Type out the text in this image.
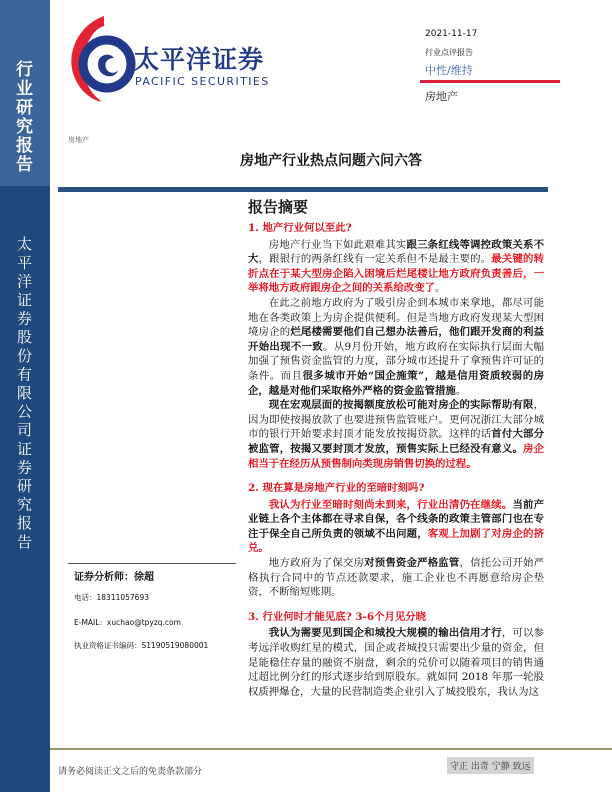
行业研究报告
太平洋证券股份有限公司证券研究报告
太平洋证券
PACIFIC SECURITIES
2021-11-17
行业点评报告
中性/维持
房地产
房地产
房地产行业热点问题六问六答
报告摘要
1. 地产行业何以至此?

房地产行业当下如此艰难其实跟三条红线等调控政策关系不大，跟银行的两条红线有一定关系但不是最主要的。最关键的转折点在于某大型房企陷入困境后烂尾楼让地方政府负责善后，一举将地方政府跟房企之间的关系给改变了。

在此之前地方政府为了吸引房企到本城市来拿地，都尽可能地在各类政策上为房企提供便利。但是当地方政府发现某大型困境房企的烂尾楼需要他们自己想办法善后，他们跟开发商的利益开始出现不一致。从9月份开始，地方政府在实际执行层面大幅加强了预售资金监管的力度，部分城市还提升了拿预售许可证的条件。而且很多城市开始“国企施策”，越是信用资质较弱的房企，越是对他们采取格外严格的资金监管措施。

现在宏观层面的按揭额度放松可能对房企的实际帮助有限，因为即使按揭放款了也要进预售监管账户。更何况浙江大部分城市的银行开始要求封顶才能发放按揭贷款。这样的话首付大部分被监管，按揭又要封顶才发放，预售实际上已经没有意义。房企相当于在经历从预售制向类现房销售切换的过程。

2. 现在算是房地产行业的至暗时刻吗?

我认为行业至暗时刻尚未到来，行业出清仍在继续。当前产业链上各个主体都在寻求自保，各个线条的政策主管部门也在专注于保全自己所负责的领域不出问题，客观上加剧了对房企的挤兑。

地方政府为了保交房对预售资金严格监管，信托公司开始严格执行合同中的节点还款要求，施工企业也不再愿意给房企垫资，不断缩短账期。

3. 行业何时才能见底? 3-6个月见分晓

我认为需要见到国企和城投大规模的输出信用才行，可以参考远洋收购红星的模式，国企或者城投只需要出少量的资金，但是能稳住存量的融资不崩盘，剩余的兑价可以随着项目的销售通过超比例分红的形式逐步给到原股东。就如同 2018 年那一轮股权质押爆仓，大量的民营制造类企业引入了城投股东，我认为这

证券分析师：徐超
电话：18311057693
E-MAIL：xuchao@tpyzq.com
执业资格证书编码：S1190519080001
请务必阅读正文之后的免责条款部分	守正 出奇 宁静 致远
